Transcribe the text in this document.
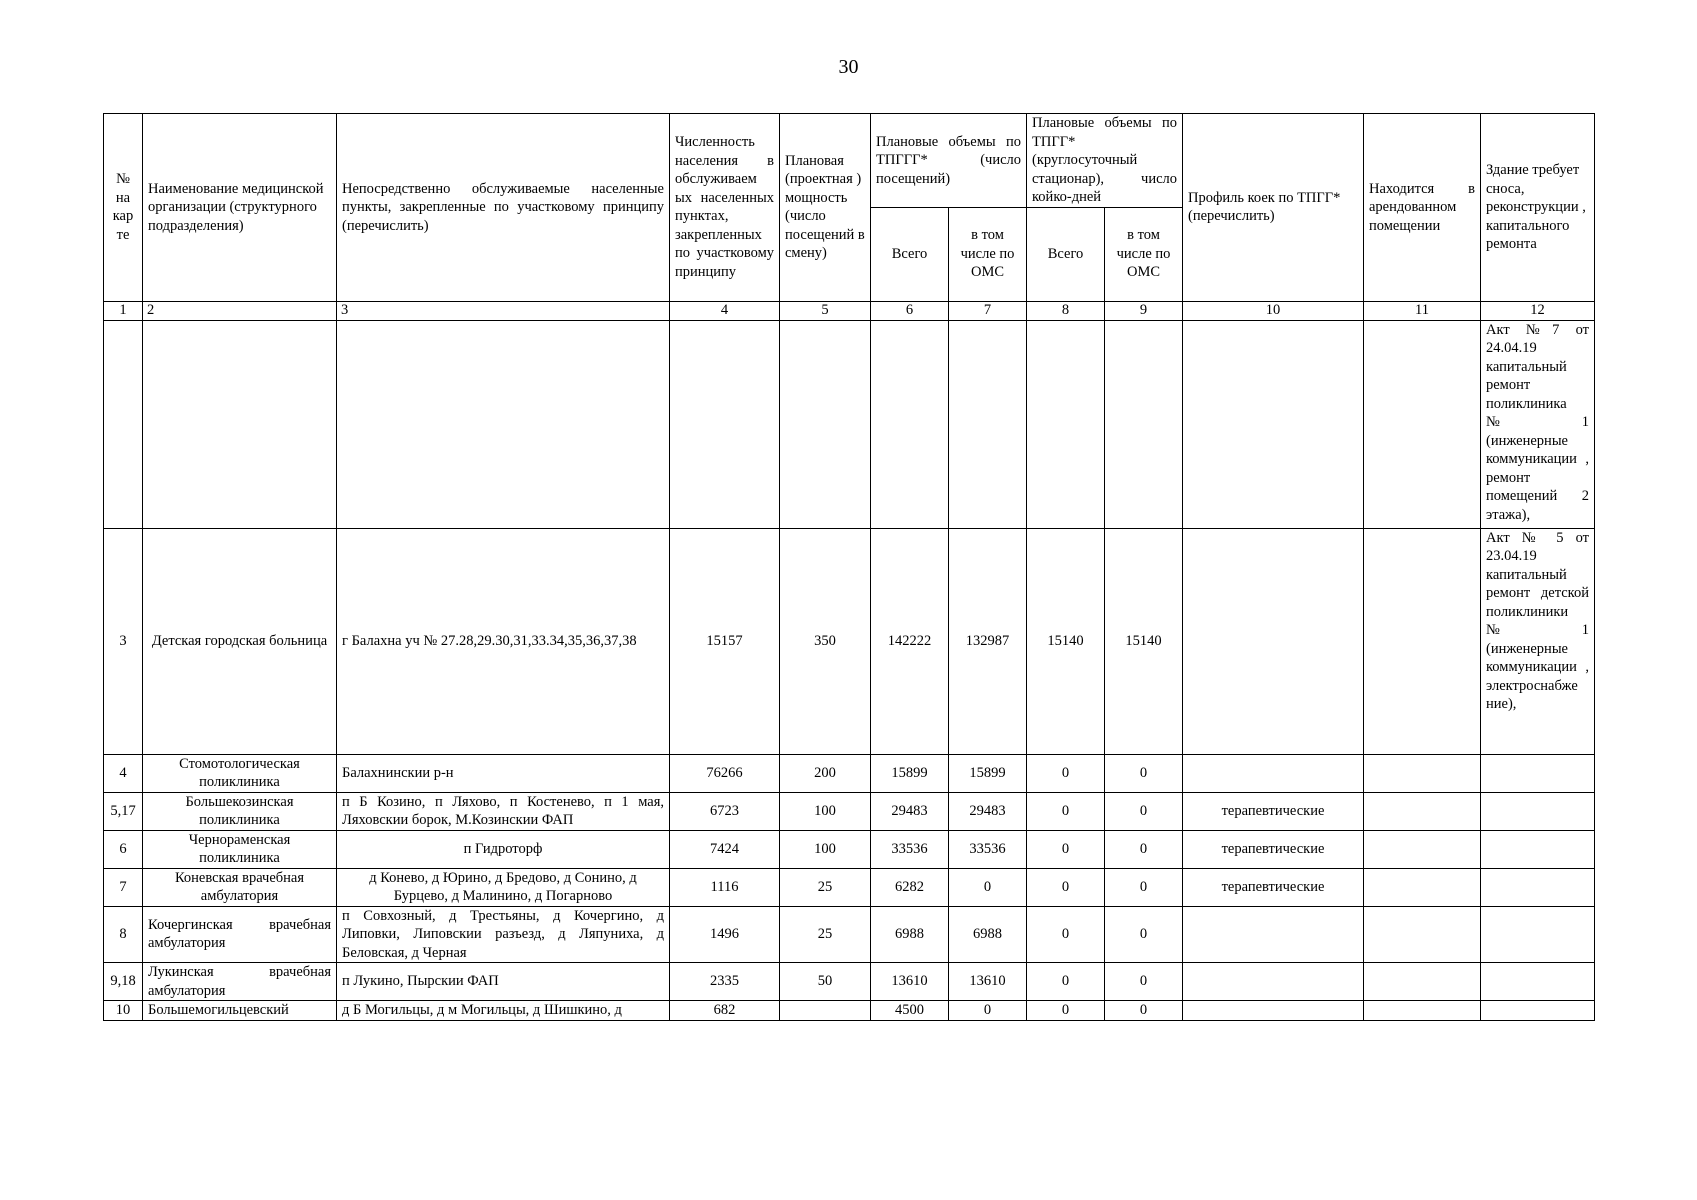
30
№ на кар те	Наименование медицинской организации (структурного подразделения)	Непосредственно обслуживаемые населенные пункты, закрепленные по участковому принципу (перечислить)	Численность населения в обслуживаем ых населенных пунктах, закрепленных по участковому принципу	Плановая (проектная ) мощность (число посещений в смену)	Плановые объемы по ТПГГГ* (число посещений)		Плановые объемы по ТПГГ* (круглосуточный стационар), число койко-дней		Профиль коек по ТПГГ* (перечислить)	Находится в арендованном помещении	Здание требует сноса, реконструкции , капитального ремонта
					Всего	в том числе по ОМС	Всего	в том числе по ОМС			
1	2	3	4	5	6	7	8	9	10	11	12
											Акт №7 от 24.04.19 капитальный ремонт поликлиника №1 (инженерные коммуникации , ремонт помещений 2 этажа),
3	Детская городская больница	г Балахна уч № 27.28,29.30,31,33.34,35,36,37,38	15157	350	142222	132987	15140	15140			Акт № 5 от 23.04.19 капитальный ремонт детской поликлиники №1 (инженерные коммуникации , электроснабже ние),
4	Стомотологическая поликлиника	Балахнинскии р-н	76266	200	15899	15899	0	0			
5,17	Большекозинская поликлиника	п Б Козино, п Ляхово, п Костенево, п 1 мая, Ляховскии борок, М.Козинскии ФАП	6723	100	29483	29483	0	0	терапевтические		
6	Чернораменская поликлиника	п Гидроторф	7424	100	33536	33536	0	0	терапевтические		
7	Коневская врачебная амбулатория	д Конево, д Юрино, д Бредово, д Сонино, д Бурцево, д Малинино, д Погарново	1116	25	6282	0	0	0	терапевтические		
8	Кочергинская врачебная амбулатория	п Совхозный, д Трестьяны, д Кочергино, д Липовки, Липовскии разъезд, д Ляпуниха, д Беловская, д Черная	1496	25	6988	6988	0	0			
9,18	Лукинская врачебная амбулатория	п Лукино, Пырскии ФАП	2335	50	13610	13610	0	0			
10	Большемогильцевский	д Б Могильцы, д м Могильцы, д Шишкино, д	682		4500	0	0	0			
